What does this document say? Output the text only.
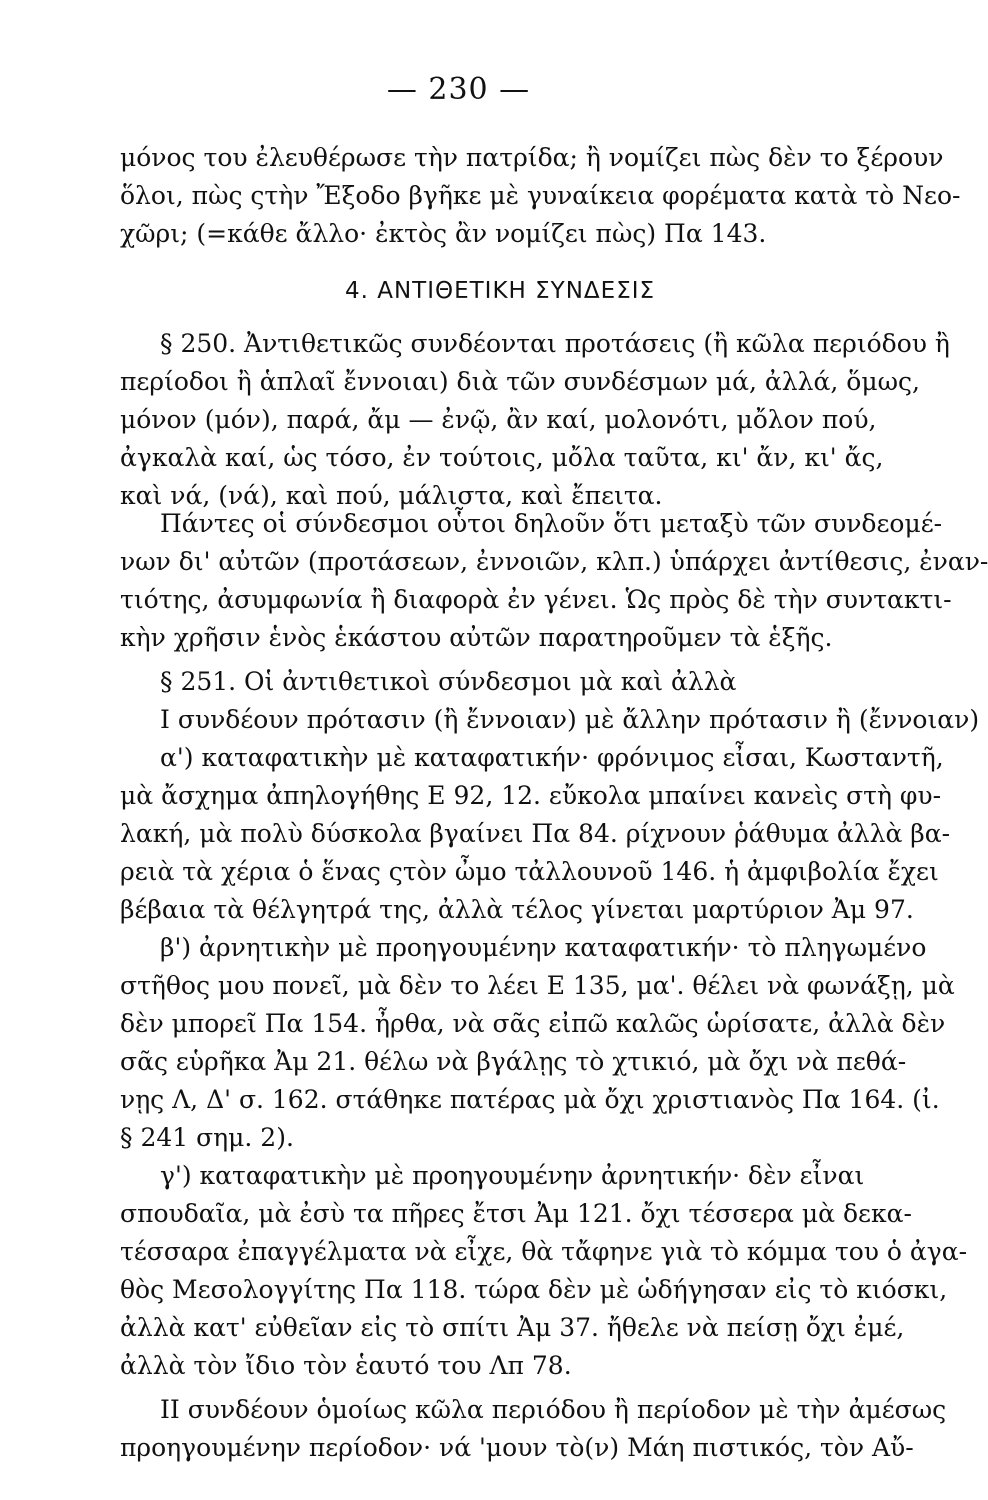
— 230 —
μόνος του ἐλευθέρωσε τὴν πατρίδα; ἢ νομίζει πὼς δὲν το ξέρουν
ὅλοι, πὼς ςτὴν Ἔξοδο βγῆκε μὲ γυναίκεια φορέματα κατὰ τὸ Νεο-
χῶρι; (=κάθε ἄλλο· ἐκτὸς ἂν νομίζει πὼς) Πα 143.
4. ΑΝΤΙΘΕΤΙΚΗ ΣΥΝΔΕΣΙΣ
§ 250. Ἀντιθετικῶς συνδέονται προτάσεις (ἢ κῶλα περιόδου ἢ
περίοδοι ἢ ἁπλαῖ ἔννοιαι) διὰ τῶν συνδέσμων μά, ἀλλά, ὅμως,
μόνον (μόν), παρά, ἄμ — ἐνῷ, ἂν καί, μολονότι, μὄλον πού,
ἀγκαλὰ καί, ὡς τόσο, ἐν τούτοις, μὄλα ταῦτα, κι' ἄν, κι' ἄς,
καὶ νά, (νά), καὶ πού, μάλιστα, καὶ ἔπειτα.
Πάντες οἱ σύνδεσμοι οὗτοι δηλοῦν ὅτι μεταξὺ τῶν συνδεομέ-
νων δι' αὐτῶν (προτάσεων, ἐννοιῶν, κλπ.) ὑπάρχει ἀντίθεσις, ἐναν-
τιότης, ἀσυμφωνία ἢ διαφορὰ ἐν γένει. Ὡς πρὸς δὲ τὴν συντακτι-
κὴν χρῆσιν ἑνὸς ἑκάστου αὐτῶν παρατηροῦμεν τὰ ἑξῆς.
§ 251. Οἱ ἀντιθετικοὶ σύνδεσμοι μὰ καὶ ἀλλὰ
I συνδέουν πρότασιν (ἢ ἔννοιαν) μὲ ἄλλην πρότασιν ἢ (ἔννοιαν)
α') καταφατικὴν μὲ καταφατικήν· φρόνιμος εἶσαι, Κωσταντῆ,
μὰ ἄσχημα ἀπηλογήθης Ε 92, 12. εὔκολα μπαίνει κανεὶς στὴ φυ-
λακή, μὰ πολὺ δύσκολα βγαίνει Πα 84. ρίχνουν ῥάθυμα ἀλλὰ βα-
ρειὰ τὰ χέρια ὁ ἕνας ςτὸν ὦμο τἀλλουνοῦ 146. ἡ ἀμφιβολία ἔχει
βέβαια τὰ θέλγητρά της, ἀλλὰ τέλος γίνεται μαρτύριον Ἀμ 97.
β') ἀρνητικὴν μὲ προηγουμένην καταφατικήν· τὸ πληγωμένο
στῆθος μου πονεῖ, μὰ δὲν το λέει Ε 135, μα'. θέλει νὰ φωνάξῃ, μὰ
δὲν μπορεῖ Πα 154. ἦρθα, νὰ σᾶς εἰπῶ καλῶς ὡρίσατε, ἀλλὰ δὲν
σᾶς εὑρῆκα Ἀμ 21. θέλω νὰ βγάλῃς τὸ χτικιό, μὰ ὄχι νὰ πεθά-
νῃς Λ, Δ' σ. 162. στάθηκε πατέρας μὰ ὄχι χριστιανὸς Πα 164. (ἰ.
§ 241 σημ. 2).
γ') καταφατικὴν μὲ προηγουμένην ἀρνητικήν· δὲν εἶναι
σπουδαῖα, μὰ ἐσὺ τα πῆρες ἔτσι Ἀμ 121. ὄχι τέσσερα μὰ δεκα-
τέσσαρα ἐπαγγέλματα νὰ εἶχε, θὰ τἄφηνε γιὰ τὸ κόμμα του ὁ ἀγα-
θὸς Μεσολογγίτης Πα 118. τώρα δὲν μὲ ὡδήγησαν εἰς τὸ κιόσκι,
ἀλλὰ κατ' εὐθεῖαν εἰς τὸ σπίτι Ἀμ 37. ἤθελε νὰ πείσῃ ὄχι ἐμέ,
ἀλλὰ τὸν ἴδιο τὸν ἑαυτό του Λπ 78.
II συνδέουν ὁμοίως κῶλα περιόδου ἢ περίοδον μὲ τὴν ἀμέσως
προηγουμένην περίοδον· νά 'μουν τὸ(ν) Μάη πιστικός, τὸν Αὔ-
